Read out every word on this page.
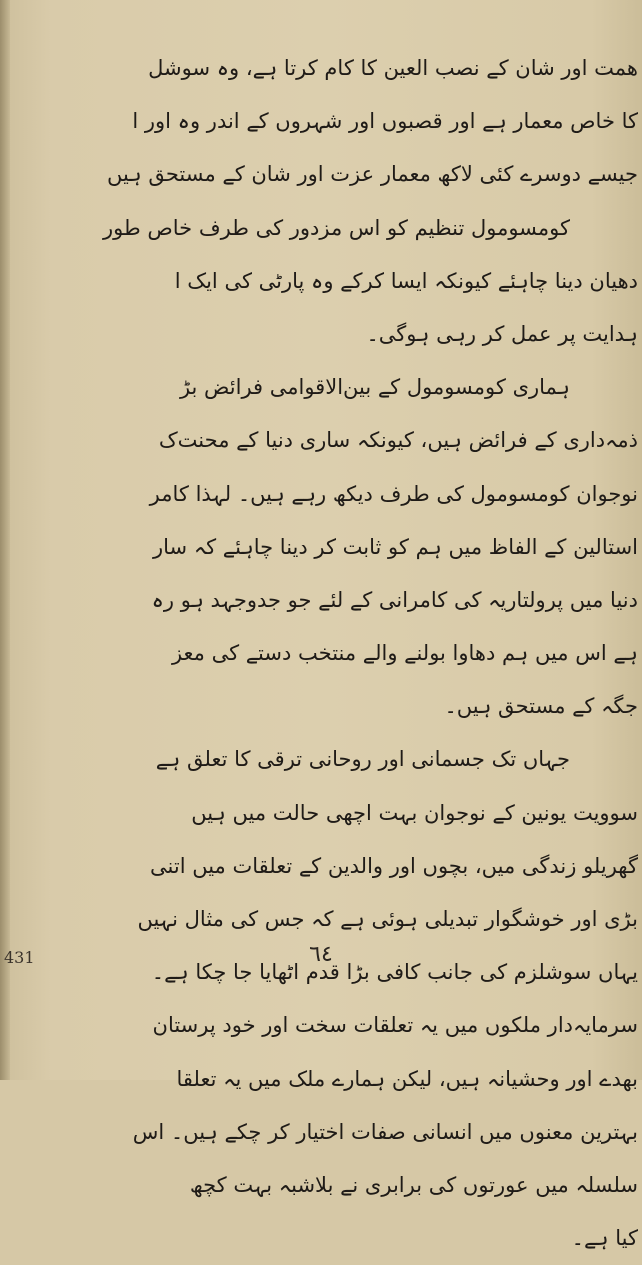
همت اور شان کے نصب العین کا کام کرتا ہے، وہ سوشل
کا خاص معمار ہے اور قصبوں اور شہروں کے اندر وہ اور ا
جیسے دوسرے کئی لاکھ معمار عزت اور شان کے مستحق ہیں
کومسومول تنظیم کو اس مزدور کی طرف خاص طور
دھیان دینا چاہئے کیونکہ ایسا کرکے وہ پارٹی کی ایک ا
ہدایت پر عمل کر رہی ہوگی۔
ہماری کومسومول کے بین‌الاقوامی فرائض بڑ
ذمہ‌داری کے فرائض ہیں، کیونکہ ساری دنیا کے محنت‌ک
نوجوان کومسومول کی طرف دیکھ رہے ہیں۔ لہذا کامر
استالین کے الفاظ میں ہم کو ثابت کر دینا چاہئے کہ سار
دنیا میں پرولتاریہ کی کامرانی کے لئے جو جدوجہد ہو رہ
ہے اس میں ہم دھاوا بولنے والے منتخب دستے کی معز
جگہ کے مستحق ہیں۔
جہاں تک جسمانی اور روحانی ترقی کا تعلق ہے
سوویت یونین کے نوجوان بہت اچھی حالت میں ہیں
گھریلو زندگی میں، بچوں اور والدین کے تعلقات میں اتنی
بڑی اور خوشگوار تبدیلی ہوئی ہے کہ جس کی مثال نہیں
یہاں سوشلزم کی جانب کافی بڑا قدم اٹھایا جا چکا ہے۔
سرمایہ‌دار ملکوں میں یہ تعلقات سخت اور خود پرستان
بھدے اور وحشیانہ ہیں، لیکن ہمارے ملک میں یہ تعلقا
بہترین معنوں میں انسانی صفات اختیار کر چکے ہیں۔ اس
سلسلہ میں عورتوں کی برابری نے بلاشبہ بہت کچھ
کیا ہے۔
431	٦٤
